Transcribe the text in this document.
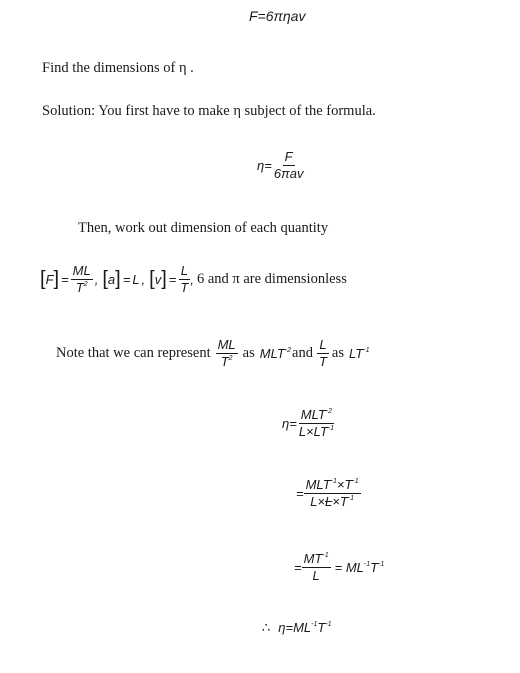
F=6πηav
Find the dimensions of η .
Solution: You first have to make η subject of the formula.
$\eta= \frac{F}{\text{6πav}}$
Then, work out dimension of each quantity
[ F ] = $\frac{ML}{T^2}$ , [ a ] = L , [ v ] = $\frac{L}{T}$ , 6 and π are dimensionless
Note that we can represent $\frac{ML}{T^2}$ as $MLT^{-2}$ and $\frac{L}{T}$ as $LT^{-1}$
$\eta= \frac{MLT^{-2}}{L\times LT^{-1}}$
= $\frac{MLT^{-1}\times T^{-1}}{L\times L\times T^{-1}}$
= $\frac{MT^{-1}}{L} = ML^{-1}T^{-1}$
∴ $\eta=ML^{-1}T^{-1}$
